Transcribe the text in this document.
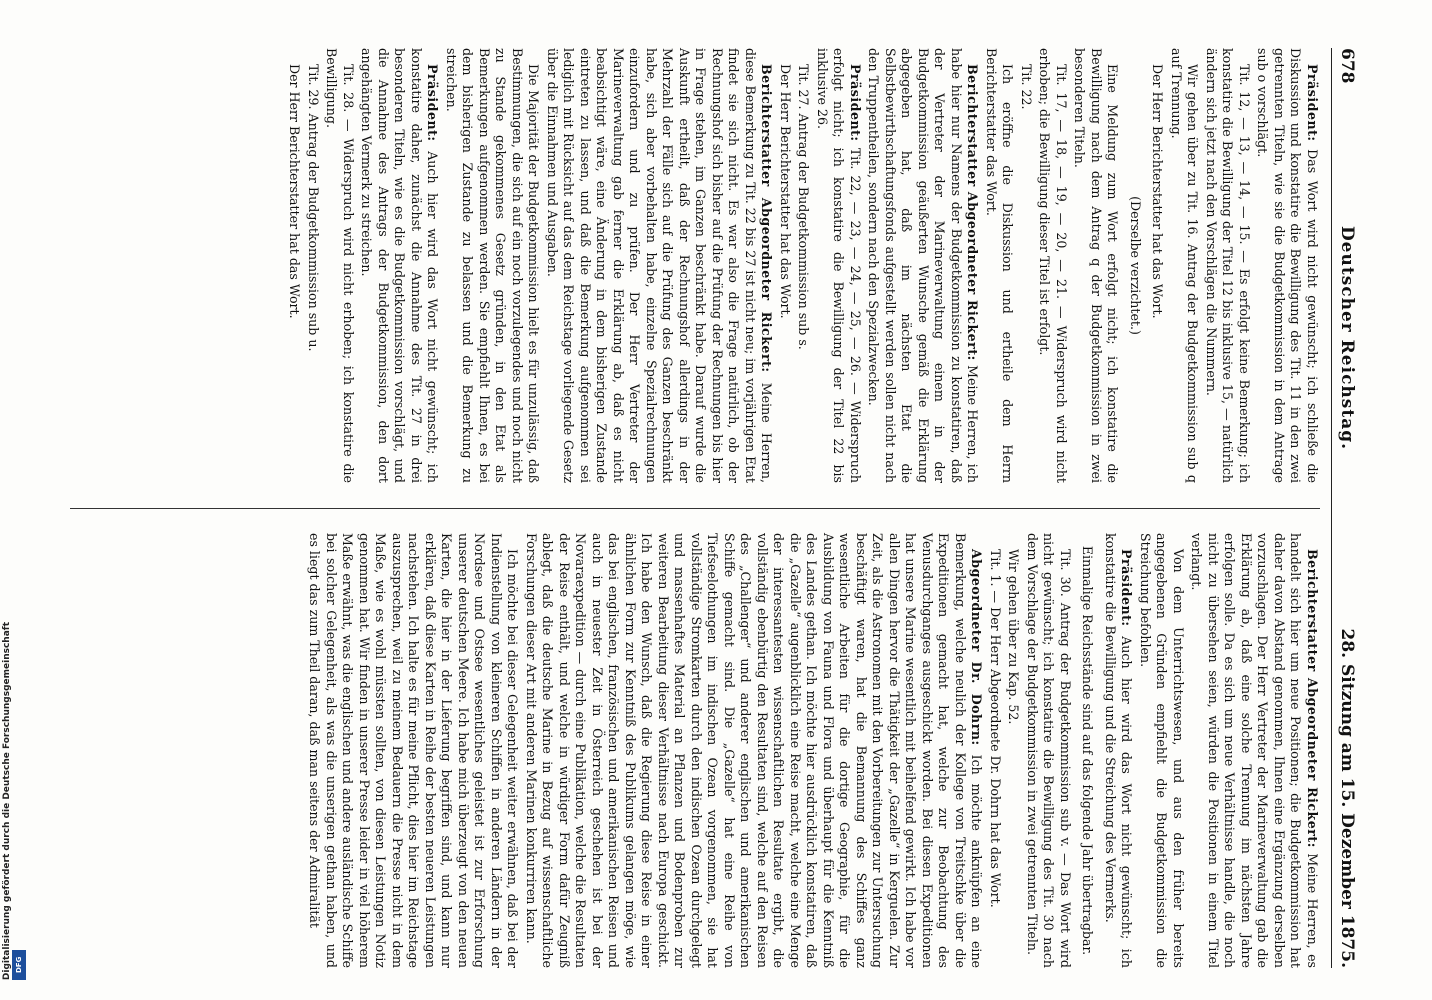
678
Deutscher Reichstag.
28. Sitzung am 15. Dezember 1875.

Präsident: Das Wort wird nicht gewünscht; ich schließe die Diskussion und konstatire die Bewilligung des Tit. 11 in den zwei getrennten Titeln, wie sie die Budgetkommission in dem Antrage sub o vorschlägt.

Tit. 12, — 13, — 14, — 15. — Es erfolgt keine Bemerkung; ich konstatire die Bewilligung der Titel 12 bis inklusive 15, — natürlich ändern sich jetzt nach den Vorschlägen die Nummern.

Wir gehen über zu Tit. 16. Antrag der Budgetkommission sub q auf Trennung.

Der Herr Berichterstatter hat das Wort.

(Derselbe verzichtet.)

Eine Meldung zum Wort erfolgt nicht; ich konstatire die Bewilligung nach dem Antrag q der Budgetkommission in zwei besonderen Titeln.

Tit. 17, — 18, — 19, — 20, — 21. — Widerspruch wird nicht erhoben; die Bewilligung dieser Titel ist erfolgt.

Tit. 22.

Ich eröffne die Diskussion und ertheile dem Herrn Berichterstatter das Wort.

Berichterstatter Abgeordneter Rickert: Meine Herren, ich habe hier nur Namens der Budgetkommission zu konstatiren, daß der Vertreter der Marineverwaltung einem in der Budgetkommission geäußerten Wunsche gemäß die Erklärung abgegeben hat, daß im nächsten Etat die Selbstbewirthschaftungsfonds aufgestellt werden sollen nicht nach den Truppentheilen, sondern nach den Spezialzwecken.

Präsident: Tit. 22, — 23, — 24, — 25, — 26. — Widerspruch erfolgt nicht; ich konstatire die Bewilligung der Titel 22 bis inklusive 26.

Tit. 27. Antrag der Budgetkommission sub s.

Der Herr Berichterstatter hat das Wort.

Berichterstatter Abgeordneter Rickert: Meine Herren, diese Bemerkung zu Tit. 22 bis 27 ist nicht neu; im vorjährigen Etat findet sie sich nicht. Es war also die Frage natürlich, ob der Rechnungshof sich bisher auf die Prüfung der Rechnungen bis hier in Frage stehen, im Ganzen beschränkt habe. Darauf wurde die Auskunft ertheilt, daß der Rechnungshof allerdings in der Mehrzahl der Fälle sich auf die Prüfung des Ganzen beschränkt habe, sich aber vorbehalten habe, einzelne Spezialrechnungen einzufordern und zu prüfen. Der Herr Vertreter der Marineverwaltung gab ferner die Erklärung ab, daß es nicht beabsichtigt wäre, eine Änderung in dem bisherigen Zustande eintreten zu lassen, und daß die Bemerkung aufgenommen sei lediglich mit Rücksicht auf das dem Reichstage vorliegende Gesetz über die Einnahmen und Ausgaben.

Die Majorität der Budgetkommission hielt es für unzulässig, daß Bestimmungen, die sich auf ein noch vorzulegendes und noch nicht zu Stande gekommenes Gesetz gründen, in den Etat als Bemerkungen aufgenommen werden. Sie empfiehlt Ihnen, es bei dem bisherigen Zustande zu belassen und die Bemerkung zu streichen.

Präsident: Auch hier wird das Wort nicht gewünscht; ich konstatire daher, zunächst die Annahme des Tit. 27 in drei besonderen Titeln, wie es die Budgetkommission vorschlägt, und die Annahme des Antrags der Budgetkommission, den dort angehängten Vermerk zu streichen.

Tit. 28. — Widerspruch wird nicht erhoben; ich konstatire die Bewilligung.

Tit. 29. Antrag der Budgetkommission sub u.

Der Herr Berichterstatter hat das Wort.

Berichterstatter Abgeordneter Rickert: Meine Herren, es handelt sich hier um neue Positionen; die Budgetkommission hat daher davon Abstand genommen, Ihnen eine Ergänzung derselben vorzuschlagen. Der Herr Vertreter der Marineverwaltung gab die Erklärung ab, daß eine solche Trennung im nächsten Jahre erfolgen solle. Da es sich um neue Verhältnisse handle, die noch nicht zu übersehen seien, würden die Positionen in einem Titel verlangt.

Von dem Unterrichtswesen, und aus den früher bereits angegebenen Gründen empfiehlt die Budgetkommission die Streichung befohlen.

Präsident: Auch hier wird das Wort nicht gewünscht; ich konstatire die Bewilligung und die Streichung des Vermerks.

Einmalige Reichsstände sind auf das folgende Jahr übertragbar.

Tit. 30. Antrag der Budgetkommission sub v. — Das Wort wird nicht gewünscht; ich konstatire die Bewilligung des Tit. 30 nach dem Vorschlage der Budgetkommission in zwei getrennten Titeln.

Wir gehen über zu Kap. 52.

Tit. 1. — Der Herr Abgeordnete Dr. Dohrn hat das Wort.

Abgeordneter Dr. Dohrn: Ich möchte anknüpfen an eine Bemerkung, welche neulich der Kollege von Treitschke über die Expeditionen gemacht hat, welche zur Beobachtung des Venusdurchganges ausgeschickt worden. Bei diesen Expeditionen hat unsere Marine wesentlich mit beihelfend gewirkt. Ich habe vor allen Dingen hervor die Thätigkeit der „Gazelle“ in Kerguelen. Zur Zeit, als die Astronomen mit den Vorbereitungen zur Untersuchung beschäftigt waren, hat die Bemannung des Schiffes ganz wesentliche Arbeiten für die dortige Geographie, für die Ausbildung von Fauna und Flora und überhaupt für die Kenntniß des Landes gethan. Ich möchte hier ausdrücklich konstatiren, daß die „Gazelle“ augenblicklich eine Reise macht, welche eine Menge der interessantesten wissenschaftlichen Resultate ergibt, die vollständig ebenbürtig den Resultaten sind, welche auf den Reisen des „Challenger“ und anderer englischen und amerikanischen Schiffe gemacht sind. Die „Gazelle“ hat eine Reihe von Tiefseelothungen im indischen Ozean vorgenommen, sie hat vollständige Stromkarten durch den indischen Ozean durchgelegt und massenhaftes Material an Pflanzen und Bodenproben zur weiteren Bearbeitung dieser Verhältnisse nach Europa geschickt. Ich habe den Wunsch, daß die Regierung diese Reise in einer ähnlichen Form zur Kenntniß des Publikums gelangen möge, wie das bei englischen, französischen und amerikanischen Reisen und auch in neuester Zeit in Österreich geschehen ist bei der Novaraexpedition — durch eine Publikation, welche die Resultaten der Reise enthält, und welche in würdiger Form dafür Zeugniß ablegt, daß die deutsche Marine in Bezug auf wissenschaftliche Forschungen dieser Art mit anderen Marinen konkurriren kann.

Ich möchte bei dieser Gelegenheit weiter erwähnen, daß bei der Indienstellung von kleineren Schiffen in anderen Ländern in der Nordsee und Ostsee wesentliches geleistet ist zur Erforschung unserer deutschen Meere. Ich habe mich überzeugt von den neuen Karten, die hier in der Lieferung begriffen sind, und kann nur erklären, daß diese Karten in Reihe der besten neueren Leistungen nachstehen. Ich halte es für meine Pflicht, dies hier im Reichstage auszusprechen, weil zu meinem Bedauern die Presse nicht in dem Maße, wie es wohl müssten sollten, von diesen Leistungen Notiz genommen hat. Wir finden in unserer Presse leider in viel höherem Maße erwähnt, was die englischen und andere ausländische Schiffe bei solcher Gelegenheit, als was die unserigen gethan haben, und es liegt das zum Theil daran, daß man seitens der Admiralität

Digitalisierung gefördert durch die Deutsche Forschungsgemeinschaft DFG
